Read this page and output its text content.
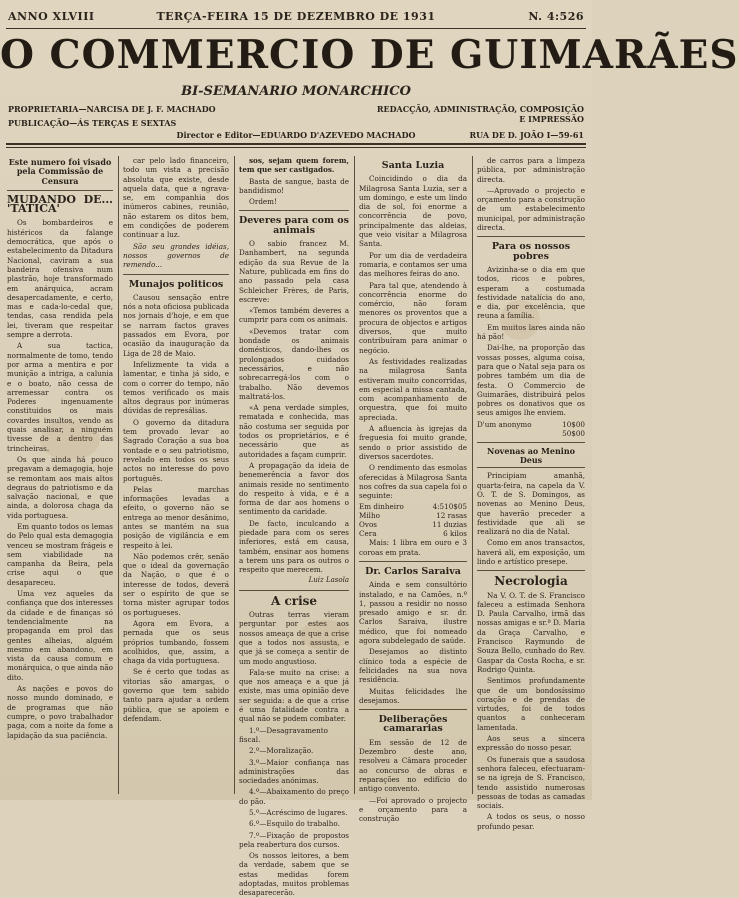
ANNO XLVIII	TERÇA-FEIRA 15 DE DEZEMBRO DE 1931	N. 4:526
O COMMERCIO DE GUIMARÃES
BI-SEMANARIO MONARCHICO
PROPRIETARIA—NARCISA DE J. F. MACHADO
PUBLICAÇÃO—ÁS TERÇAS E SEXTAS
Director e Editor—EDUARDO D'AZEVEDO MACHADO
REDACÇÃO, ADMINISTRAÇÃO, COMPOSIÇÃO
E IMPRESSÃO
RUA DE D. JOÃO I—59-61
Este numero foi visado pela Commissão de Censura
MUDANDO DE... 'TÁTICA'

Os bombardeiros e histéricos da falange democrática, que após o estabelecimento da Ditadura Nacional, caviram a sua bandeira ofensiva num plastrão, hoje transformado em anárquica, acram desapercadamente, e certo, mas e cada-lo-cedal que, tendas, casa rendida pela lei, tiveram que respeitar sempre a derrota.

A sua tactica, normalmente de tomo, tendo por arma a mentira e por munição a intriga, a calunia e o boato, não cessa de arremessar contra os Poderes ingenuamente constituidos os mais covardes insultos, vendo as quais analisar, a ninguém tivesse de a dentro das trincheiras.

Os que ainda há pouco pregavam a demagogia, hoje se remontam aos mais altos degraus do patriotismo e da salvação nacional, e que ainda, a dolorosa chaga da vida portuguesa.

Em quanto todos os lemas do Pelo qual esta demagogia venceu se mostram frágeis e sem viabilidade na campanha da Beira, pela crise aqui o que desapareceu.

Uma vez aqueles da confiança que dos interesses da cidade e de finanças só tendencialmente na propaganda em prol das gentes alheias, alguém mesmo em abandono, em vista da causa comum e monárquica, o que ainda não dito.

As nações e povos do nosso mundo dominado, e de programas que não cumpre, o povo trabalhador paga, com a noite da fome a lapidação da sua paciência.

car pelo lado financeiro, todo um vista a precisão absoluta que existe, desde aquela data, que a ngrava-se, em companhia dos inúmeros cabines, reunião, não estarem os ditos bem, em condições de poderem continuar a luz.

São seu grandes idéias, nossos governos de remendo...

Munajos politicos

Causou sensação entre nós a nota oficiosa publicada nos jornais d'hoje, e em que se narram factos graves passados em Evora, por ocasião da inauguração da Liga de 28 de Maio.

Infelizmente ta vida a lamentar, e tinha já sido, e com o correr do tempo, não temos verificado os mais altos degraus por inúmeras dúvidas de represálias.

O governo da ditadura tem provado levar ao Sagrado Coração a sua boa vontade e o seu patriotismo, revelado em todos os seus actos no interesse do povo português.

Pelas marchas informações levadas a efeito, o governo não se entrega ao menor desânimo, antes se mantém na sua posição de vigilância e em respeito à lei.

Não podemos crêr, senão que o ideal da governação da Nação, o que é o interesse de todos, deverá ser o espírito de que se torna mister agrupar todos os portugueses.

Agora em Evora, a pernada que os seus próprios tumbando, fossem acolhidos, que, assim, a chaga da vida portuguesa.

Se é certo que todas as vitorias são amargas, o governo que tem sabido tanto para ajudar a ordem pública, que se apoiem e defendam.

sos, sejam quem forem, tem que ser castigados.

Basta de sangue, basta de bandidismo!

Ordem!

Deveres para com os animais

O sabio francez M. Danhambert, na segunda edição da sua Revue de la Nature, publicada em fins do ano passado pela casa Schleicher Frères, de Paris, escreve:

«Temos também deveres a cumprir para com os animais.

«Devemos tratar com bondade os animais domésticos, dando-lhes os prolongados cuidados necessários, e não sobrecarregá-los com o trabalho. Não devemos maltratá-los.

«A pena verdade simples, rematada e conhecida, mas não costuma ser seguida por todos os proprietários, e é necessário que as autoridades a façam cumprir.

A propagação da ideia de benemerência a favor dos animais reside no sentimento do respeito à vida, e é a forma de dar aos homens o sentimento da caridade.

De facto, inculcando a piedade para com os seres inferiores, está em causa, também, ensinar aos homens a terem uns para os outros o respeito que merecem.

Luiz Lasola
A crise

Outras terras vieram perguntar por estes aos nossos ameaça de que a crise que a todos nos assusta, e que já se começa a sentir de um modo angustioso.

Fala-se muito na crise: a que nos ameaça e a que já existe, mas uma opinião deve ser seguida: a de que a crise é uma fatalidade contra a qual não se podem combater.

1.º—Desagravamento fiscal.

2.º—Moralização.

3.º—Maior confiança nas administrações das sociedades anónimas.

4.º—Abaixamento do preço do pão.

5.º—Acréscimo de lugares.

6.º—Esquilo do trabalho.

7.º—Fixação de propostos pela reabertura dos cursos.

Os nossos leitores, a bem da verdade, sabem que se estas medidas forem adoptadas, muitos problemas desaparecerão.

Santa Luzia

Coincidindo o dia da Milagrosa Santa Luzia, ser a um domingo, e este um lindo dia de sol, foi enorme a concorrência de povo, principalmente das aldeias, que veio visitar a Milagrosa Santa.

Por um dia de verdadeira romaria, e contamos ser uma das melhores feiras do ano.

Para tal que, atendendo à concorrência enorme do comércio, não foram menores os proventos que a procura de objectos e artigos diversos, que muito contribuíram para animar o negócio.

As festividades realizadas na milagrosa Santa estiveram muito concorridas, em especial a missa cantada, com acompanhamento de orquestra, que foi muito apreciada.

A afluencia às igrejas da freguesia foi muito grande, sendo o prior assistido de diversos sacerdotes.

O rendimento das esmolas oferecidas à Milagrosa Santa nos cofres da sua capela foi o seguinte:

Em dinheiro	4:510$05
Milho	12 rasas
Ovos	11 duzias
Cera	6 kilos

Mais: 1 libra em ouro e 3 coroas em prata.

Dr. Carlos Saraiva

Ainda e sem consultório instalado, e na Camões, n.º 1, passou a residir no nosso presado amigo e sr. dr. Carlos Saraiva, ilustre médico, que foi nomeado agora subdelegado de saúde.

Desejamos ao distinto clínico toda a espécie de felicidades na sua nova residência.

Muitas felicidades lhe desejamos.

Deliberações camararias

Em sessão de 12 de Dezembro deste ano, resolveu a Câmara proceder ao concurso de obras e reparações no edifício do antigo convento.

—Foi aprovado o projecto e orçamento para a construção

de carros para a limpeza pública, por administração directa.

—Aprovado o projecto e orçamento para a construção de um estabelecimento municipal, por administração directa.

Para os nossos pobres

Avizinha-se o dia em que todos, ricos e pobres, esperam a costumada festividade natalícia do ano, e dia, por excelência, que reuna a família.

Em muitos lares ainda não há pão!

Dai-lhe, na proporção das vossas posses, alguma coisa, para que o Natal seja para os pobres também um dia de festa. O Commercio de Guimarães, distribuirá pelos pobres os donativos que os seus amigos lhe enviem.

D'um anonymo	10$00
	50$00
Novenas ao Menino Deus

Principiam amanhã, quarta-feira, na capela da V. O. T. de S. Domingos, as novenas ao Menino Deus, que haverão preceder a festividade que ali se realizará no dia de Natal.

Como em anos transactos, haverá ali, em exposição, um lindo e artístico presepe.

Necrologia

Na V. O. T. de S. Francisco faleceu a estimada Senhora D. Paula Carvalho, irmã das nossas amigas e sr.ª D. Maria da Graça Carvalho, e Francisco Raymundo de Souza Bello, cunhado do Rev. Gaspar da Costa Rocha, e sr. Rodrigo Quinta.

Sentimos profundamente que de um bondosíssimo coração e de prendas de virtudes, foi de todos quantos a conheceram lamentada.

Aos seus a sincera expressão do nosso pesar.

Os funerais que a saudosa senhora faleceu, efectuaram-se na igreja de S. Francisco, tendo assistido numerosas pessoas de todas as camadas sociais.

A todos os seus, o nosso profundo pesar.
